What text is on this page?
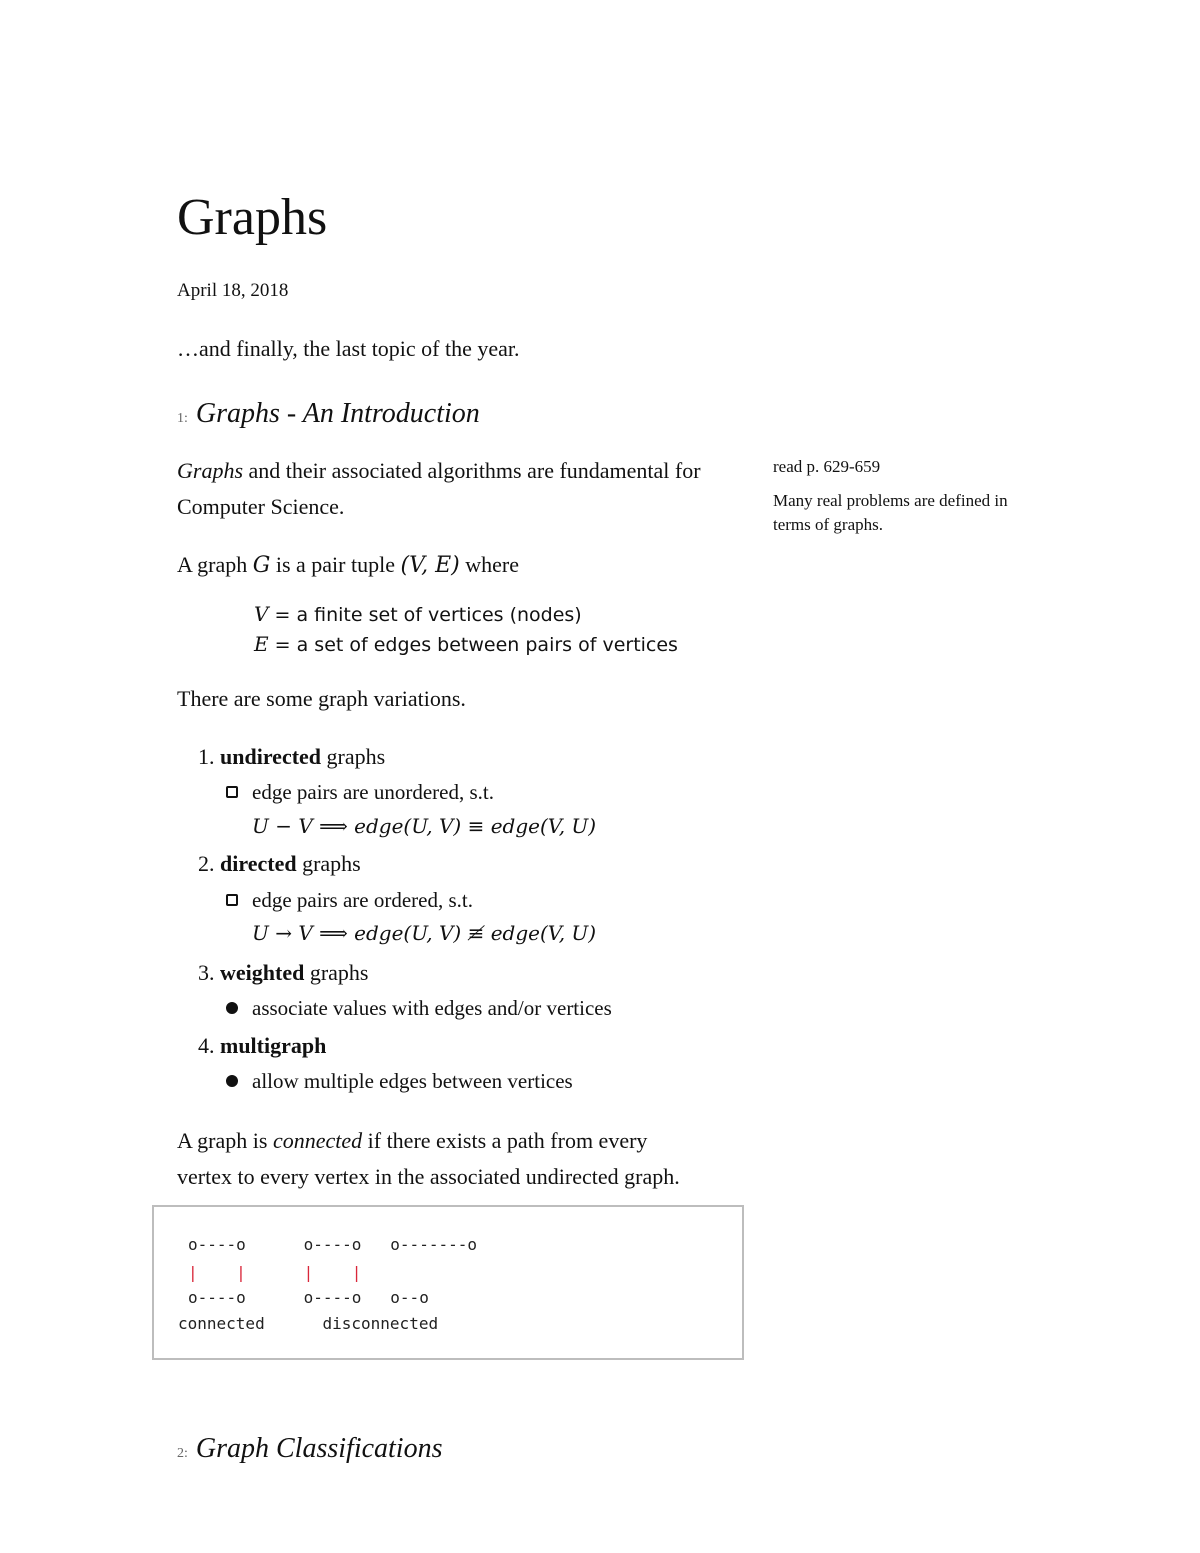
Graphs
April 18, 2018
…and finally, the last topic of the year.
1: Graphs - An Introduction
Graphs and their associated algorithms are fundamental for Computer Science.
read p. 629-659
Many real problems are defined in terms of graphs.
A graph G is a pair tuple (V, E) where
V = a finite set of vertices (nodes)
E = a set of edges between pairs of vertices
There are some graph variations.
1. undirected graphs
edge pairs are unordered, s.t.
U − V ⟹ edge(U, V) ≡ edge(V, U)
2. directed graphs
edge pairs are ordered, s.t.
U → V ⟹ edge(U, V) ≢ edge(V, U)
3. weighted graphs
associate values with edges and/or vertices
4. multigraph
allow multiple edges between vertices
A graph is connected if there exists a path from every vertex to every vertex in the associated undirected graph.
o----o      o----o   o-------o
|    |      |    |
o----o      o----o   o--o
connected      disconnected
2: Graph Classifications
